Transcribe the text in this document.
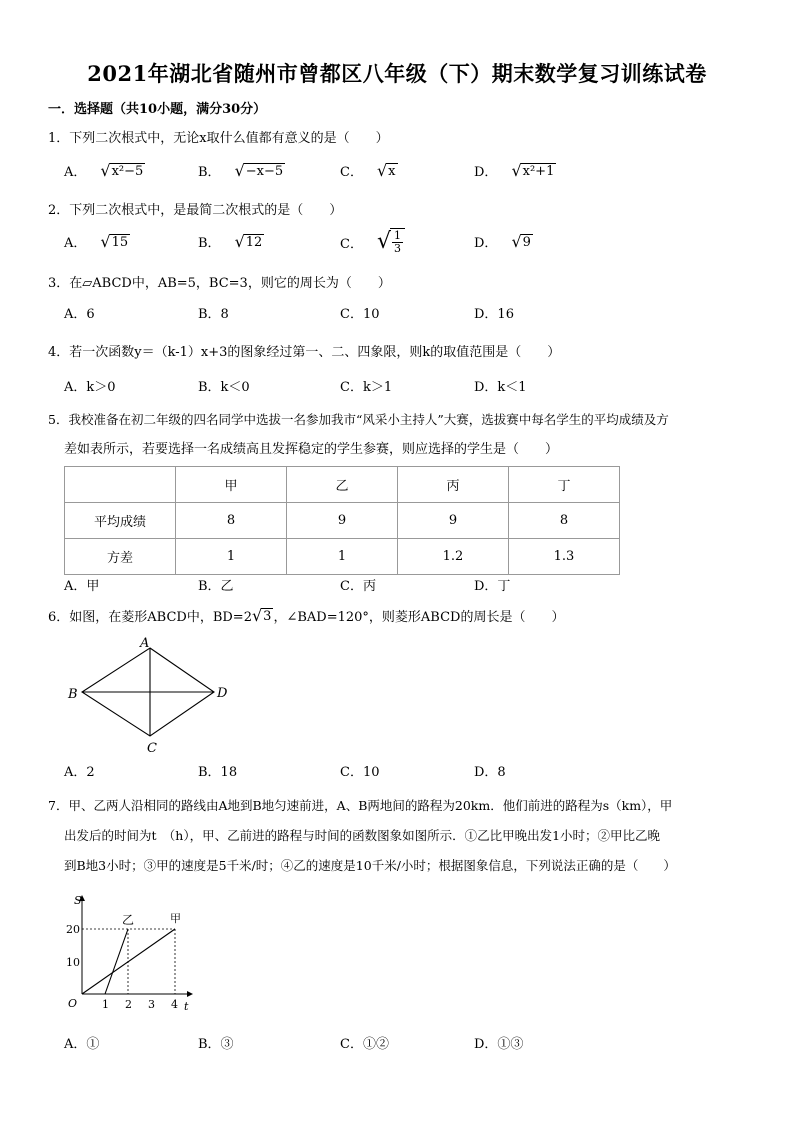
2021年湖北省随州市曾都区八年级（下）期末数学复习训练试卷
一．选择题（共10小题，满分30分）
1．下列二次根式中，无论x取什么值都有意义的是（　　）
A． √ x²−5	B． √ −x−5	C． √ x	D． √ x²+1
2．下列二次根式中，是最简二次根式的是（　　）
A． √ 15	B． √ 12	C． √ $\frac{1}{3}$	D． √ 9
3．在▱ABCD中，AB=5，BC=3，则它的周长为（　　）
A．6	B．8	C．10	D．16
4．若一次函数y＝（k-1）x+3的图象经过第一、二、四象限，则k的取值范围是（　　）
A．k＞0	B．k＜0	C．k＞1	D．k＜1
5．我校准备在初二年级的四名同学中选拔一名参加我市“风采小主持人”大赛，选拔赛中每名学生的平均成绩及方
差如表所示，若要选择一名成绩高且发挥稳定的学生参赛，则应选择的学生是（　　）
	甲	乙	丙	丁
平均成绩	8	9	9	8
方差	1	1	1.2	1.3
A．甲	B．乙	C．丙	D．丁
6．如图，在菱形ABCD中，BD=2 √ 3 ，∠BAD=120°，则菱形ABCD的周长是（　　）
A
B
C
D
A．2	B．18	C．10	D．8
7．甲、乙两人沿相同的路线由A地到B地匀速前进，A、B两地间的路程为20km．他们前进的路程为s（km），甲
出发后的时间为t　（h），甲、乙前进的路程与时间的函数图象如图所示．①乙比甲晚出发1小时；②甲比乙晚
到B地3小时；③甲的速度是5千米/时；④乙的速度是10千米/小时；根据图象信息，下列说法正确的是（　　）
S
t
O
10
20
1 2 3 4
乙	甲
A．①	B．③	C．①②	D．①③
